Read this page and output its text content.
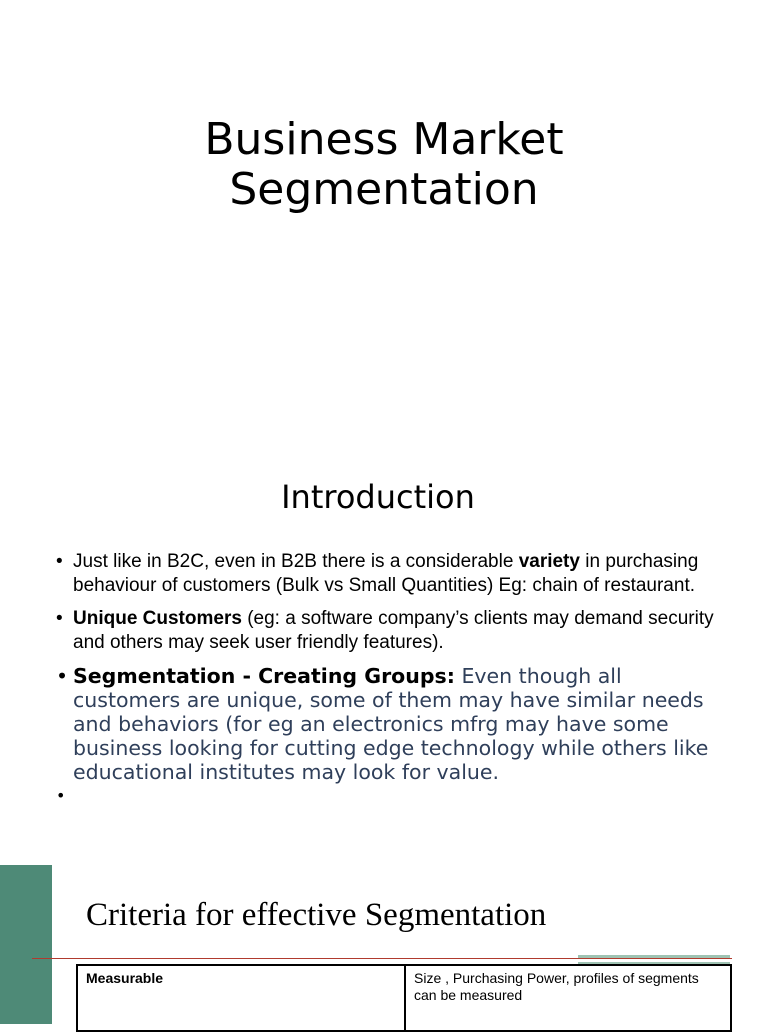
Business Market
Segmentation
Introduction
• Just like in B2C, even in B2B there is a considerable variety in purchasing behaviour of customers (Bulk vs Small Quantities) Eg: chain of restaurant.
• Unique Customers (eg: a software company’s clients may demand security and others may seek user friendly features).
• Segmentation - Creating Groups: Even though all customers are unique, some of them may have similar needs and behaviors (for eg an electronics mfrg may have some business looking for cutting edge technology while others like educational institutes may look for value.
•
Criteria for effective Segmentation
Measurable	Size , Purchasing Power, profiles of segments can be measured
